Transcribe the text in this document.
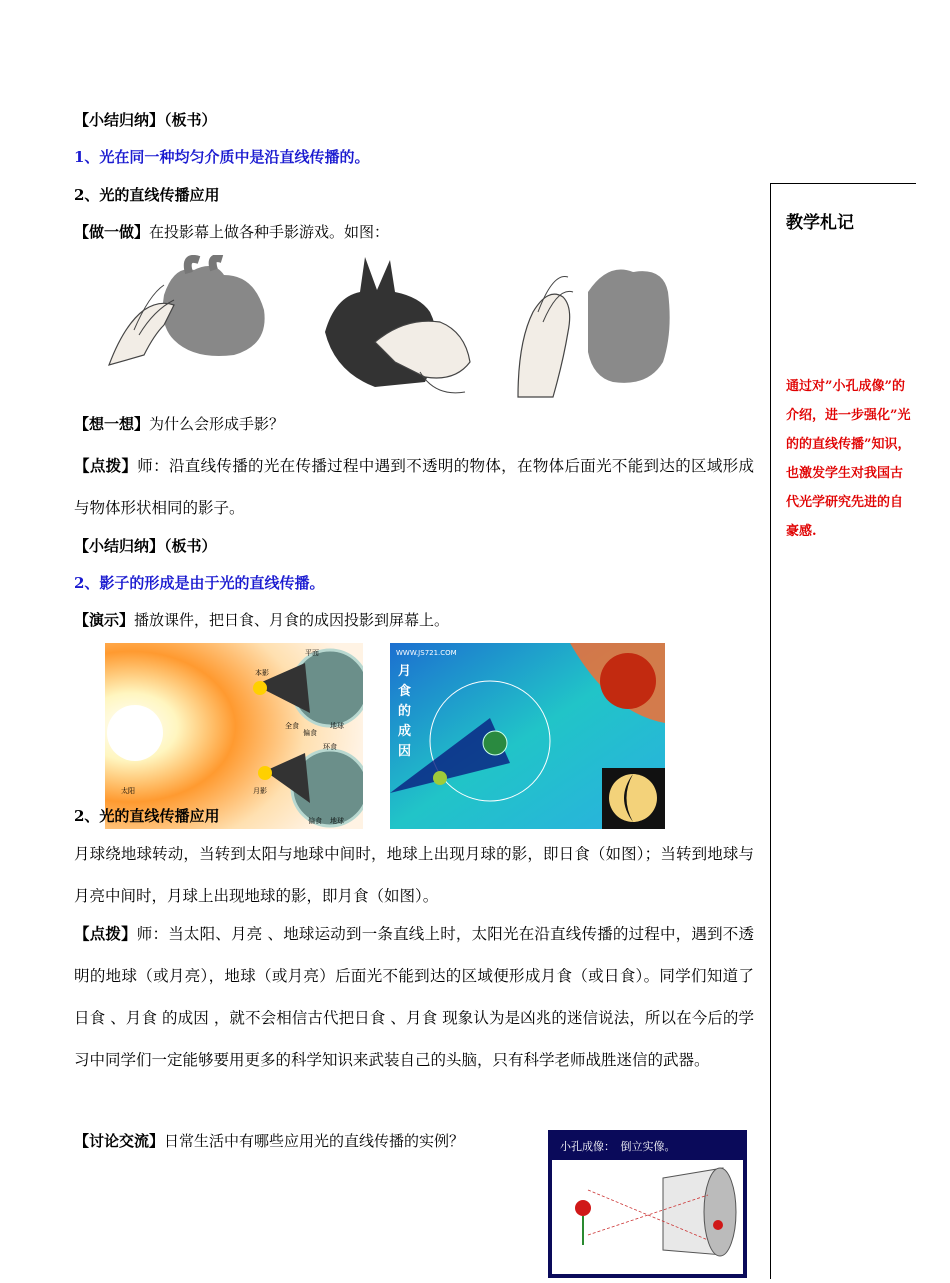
【小结归纳】（板书）
1、光在同一种均匀介质中是沿直线传播的。
2、光的直线传播应用
【做一做】在投影幕上做各种手影游戏。如图：
【想一想】为什么会形成手影？
【点拨】师：沿直线传播的光在传播过程中遇到不透明的物体，在物体后面光不能到达的区域形成与物体形状相同的影子。
【小结归纳】（板书）
2、影子的形成是由于光的直线传播。
【演示】播放课件，把日食、月食的成因投影到屏幕上。
平面
本影
全食
偏食
地球
太阳
环食
月影
偏食 地球
WWW.JS721.COM
月
食
的
成
因
2、光的直线传播应用
月球绕地球转动，当转到太阳与地球中间时，地球上出现月球的影，即日食（如图）；当转到地球与月亮中间时，月球上出现地球的影，即月食（如图）。
【点拨】师：当太阳、月亮 、地球运动到一条直线上时，太阳光在沿直线传播的过程中，遇到不透明的地球（或月亮），地球（或月亮）后面光不能到达的区域便形成月食（或日食）。同学们知道了日食 、月食 的成因 ，就不会相信古代把日食 、月食 现象认为是凶兆的迷信说法，所以在今后的学习中同学们一定能够要用更多的科学知识来武装自己的头脑，只有科学老师战胜迷信的武器。
【讨论交流】日常生活中有哪些应用光的直线传播的实例？	小孔成像：　倒立实像。
Back
教学札记
通过对”小孔成像”的介绍，进一步强化”光的的直线传播”知识，也激发学生对我国古代光学研究先进的自豪感.
